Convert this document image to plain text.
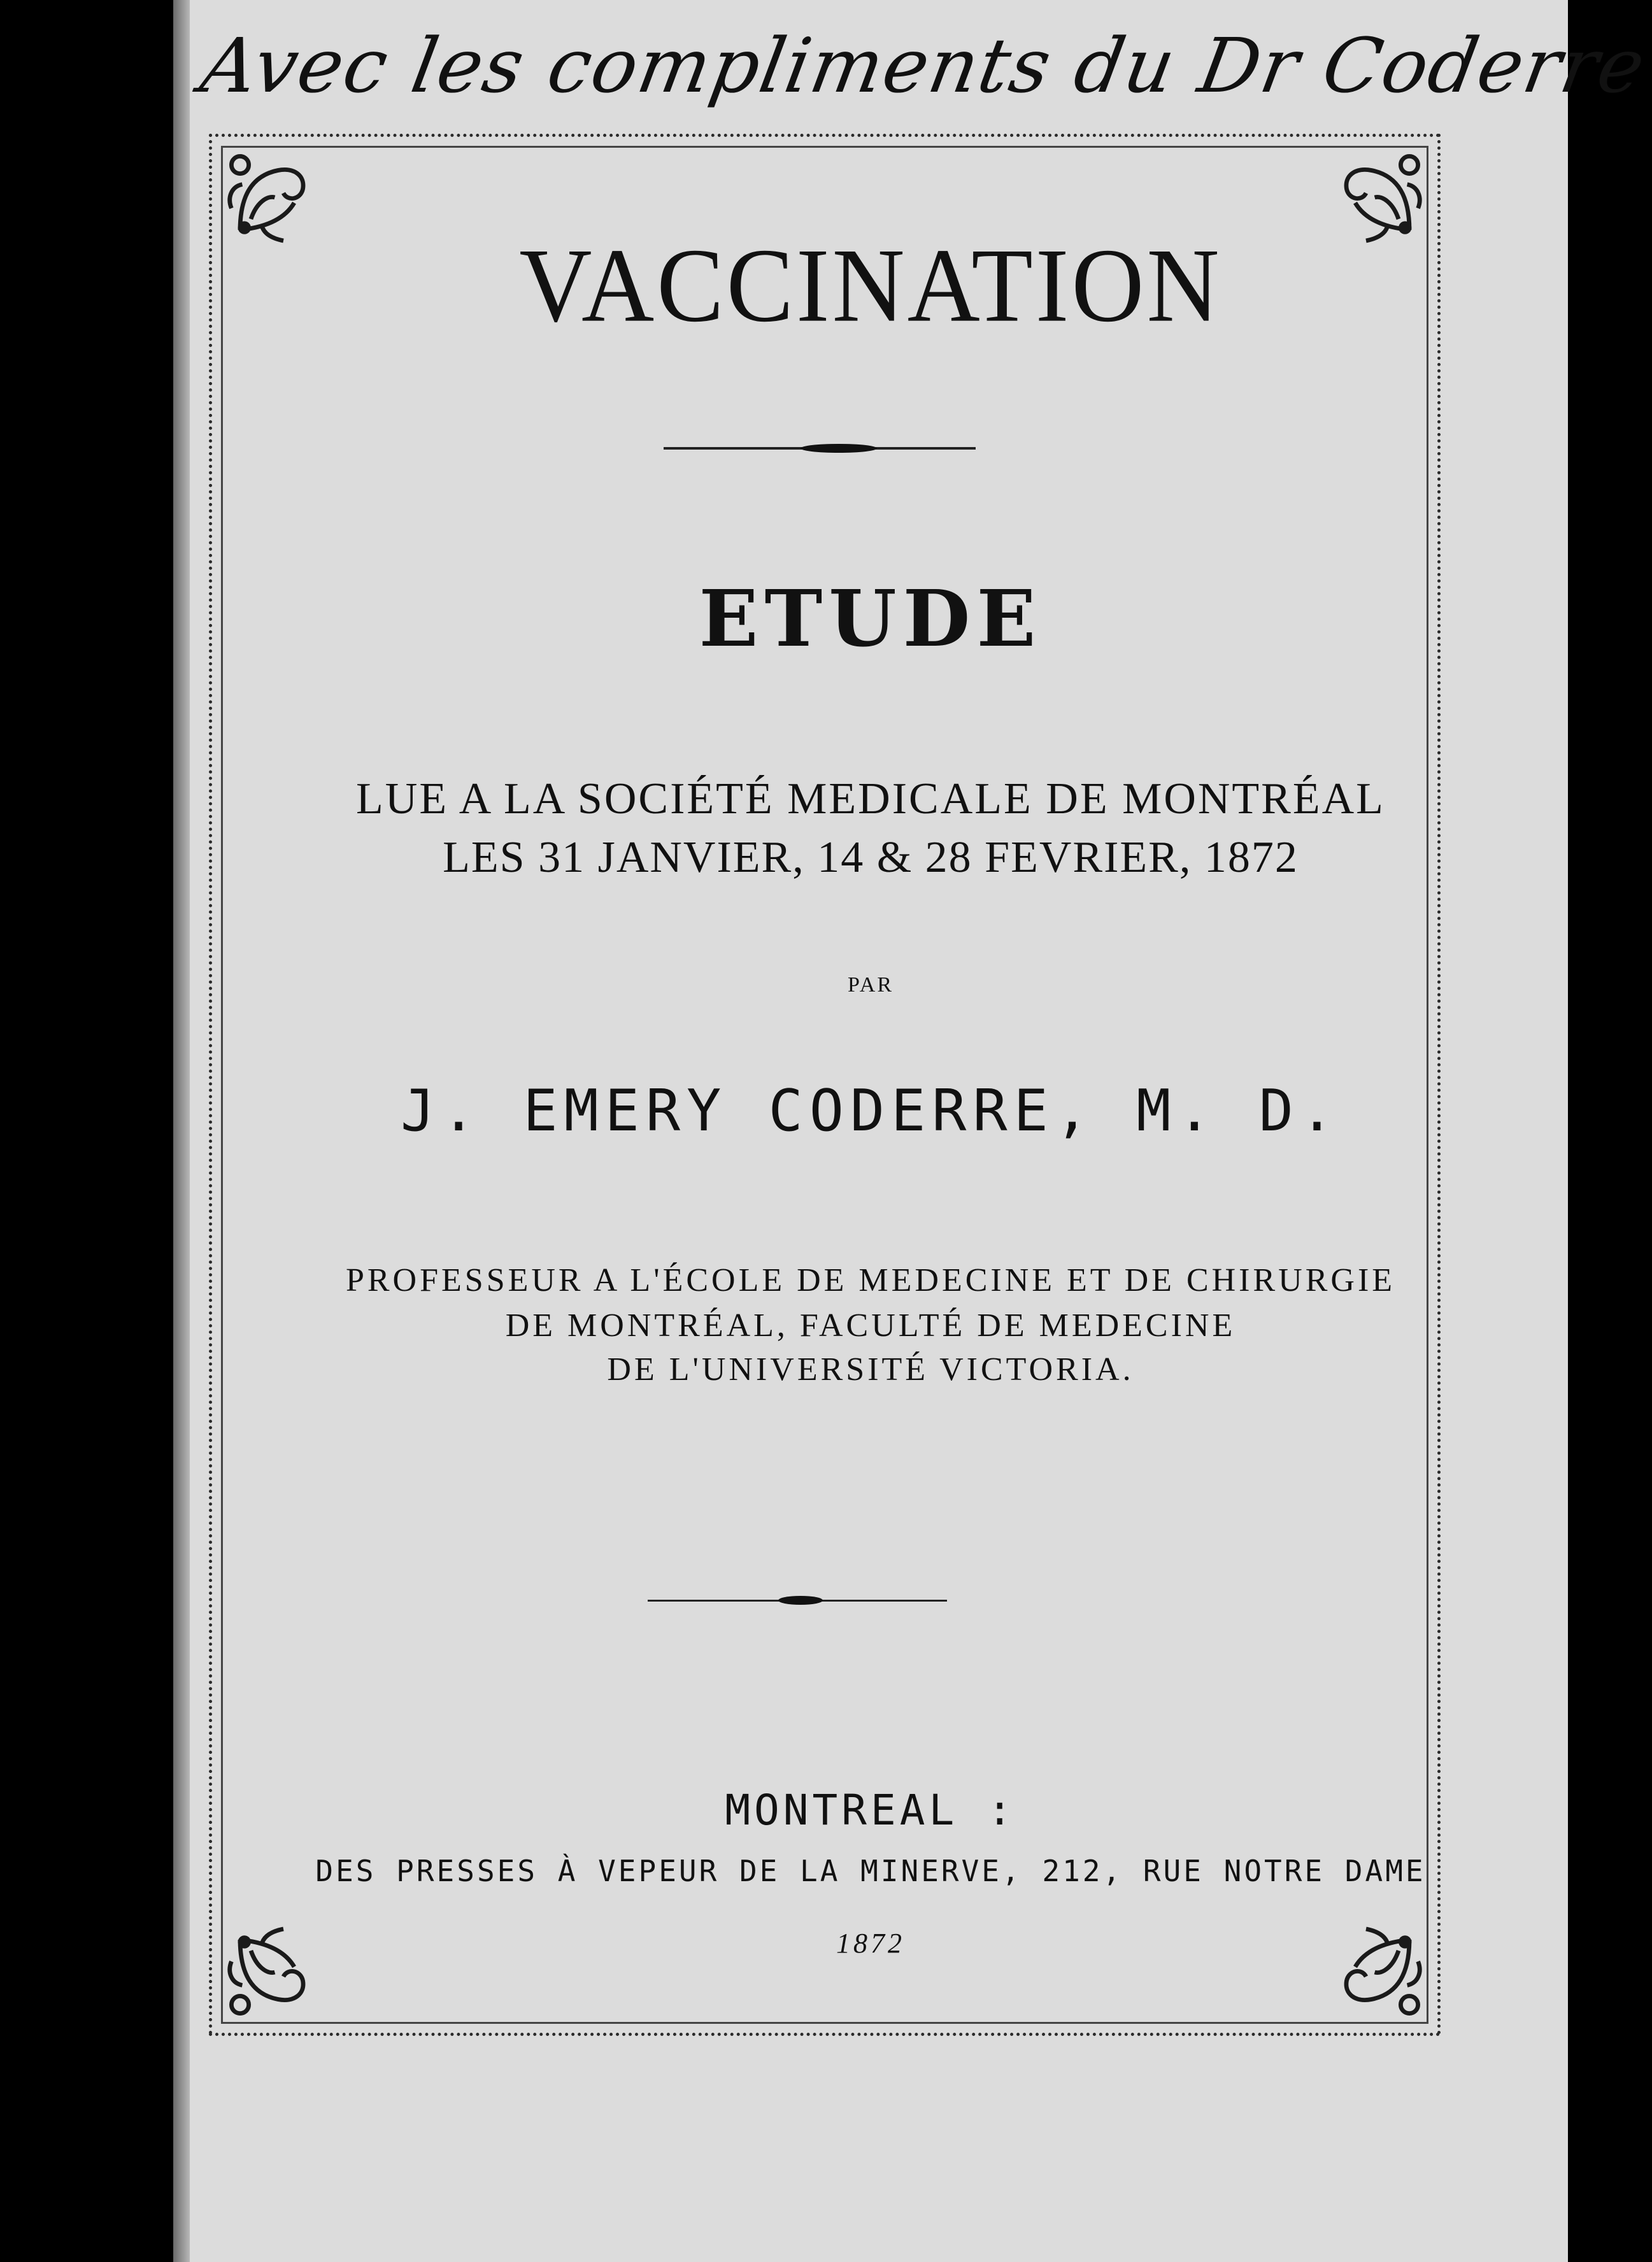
Avec les compliments du Dr Coderre
VACCINATION
ETUDE
LUE A LA SOCIÉTÉ MEDICALE DE MONTRÉAL
LES 31 JANVIER, 14 & 28 FEVRIER, 1872
PAR
J. EMERY CODERRE, M. D.
PROFESSEUR A L'ÉCOLE DE MEDECINE ET DE CHIRURGIE
DE MONTRÉAL, FACULTÉ DE MEDECINE
DE L'UNIVERSITÉ VICTORIA.
MONTREAL :
DES PRESSES À VEPEUR DE LA MINERVE, 212, RUE NOTRE DAME
1872
